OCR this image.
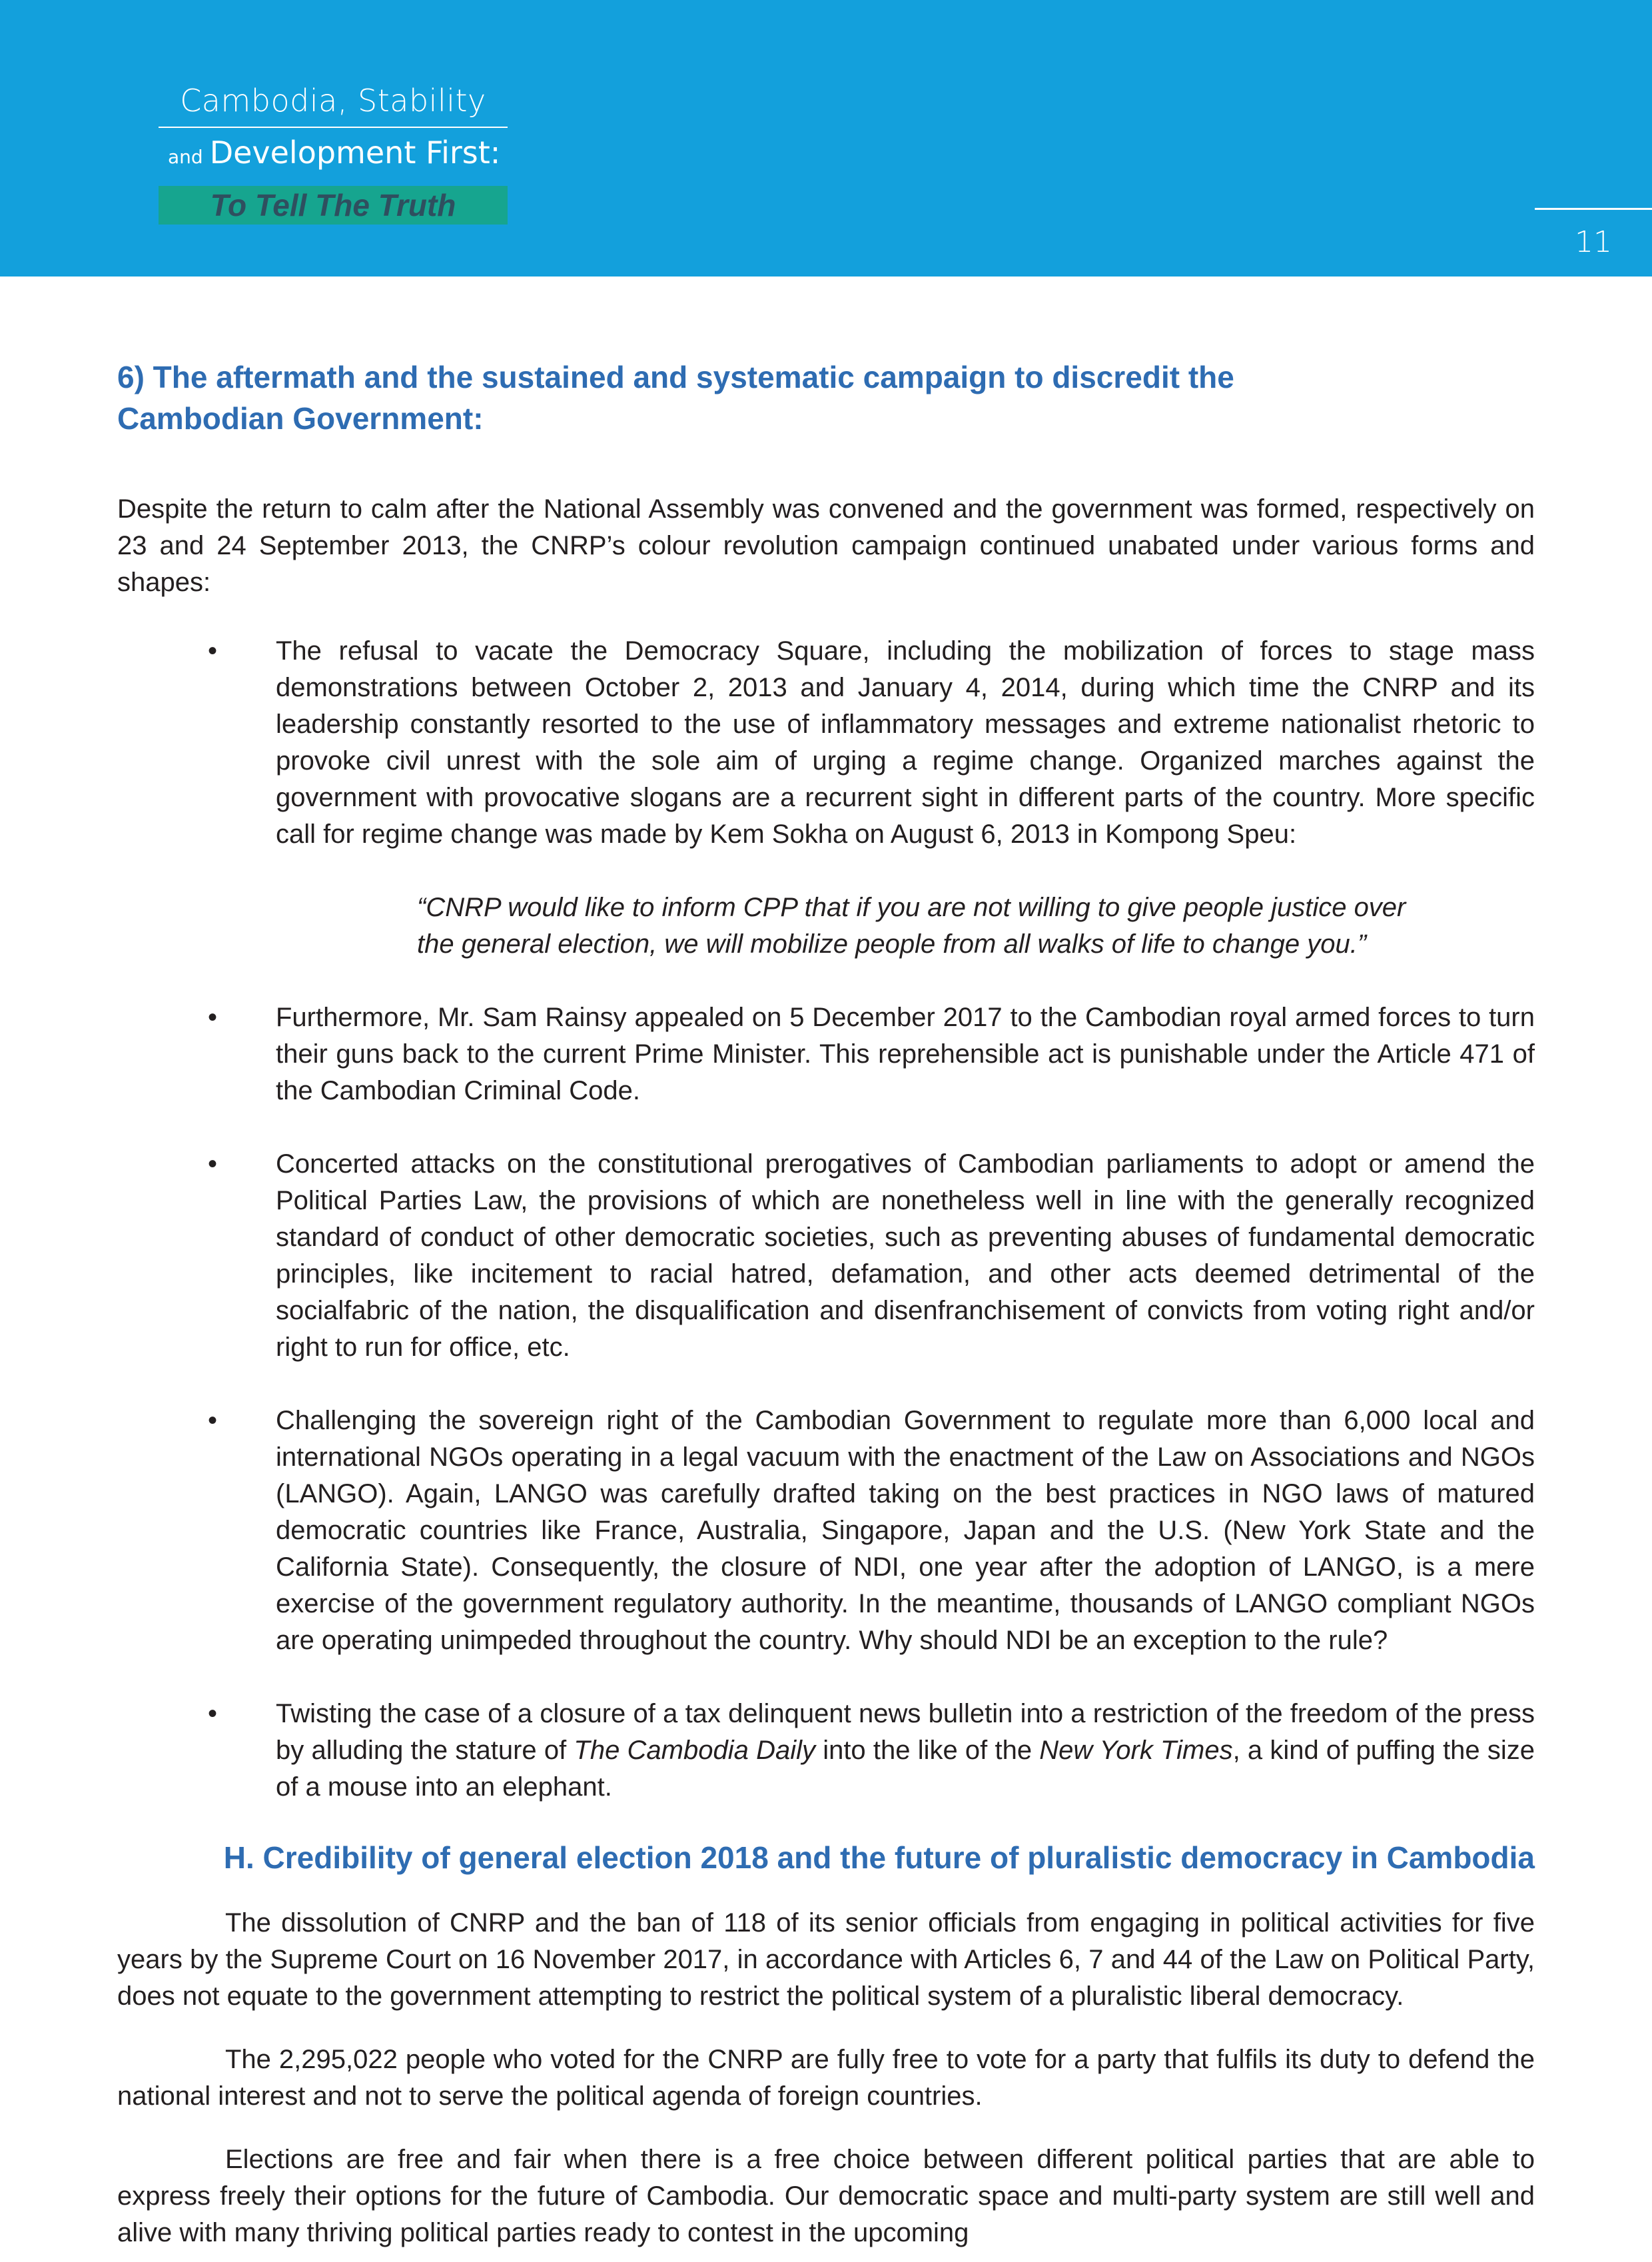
Cambodia, Stability
and Development First:
To Tell The Truth
11
6) The aftermath and the sustained and systematic campaign to discredit the Cambodian Government:

Despite the return to calm after the National Assembly was convened and the government was formed, respectively on 23 and 24 September 2013, the CNRP’s colour revolution campaign continued unabated under various forms and shapes:

• The refusal to vacate the Democracy Square, including the mobilization of forces to stage mass demonstrations between October 2, 2013 and January 4, 2014, during which time the CNRP and its leadership constantly resorted to the use of inflammatory messages and extreme nationalist rhetoric to provoke civil unrest with the sole aim of urging a regime change. Organized marches against the government with provocative slogans are a recurrent sight in different parts of the country. More specific call for regime change was made by Kem Sokha on August 6, 2013 in Kompong Speu:
“CNRP would like to inform CPP that if you are not willing to give people justice over the general election, we will mobilize people from all walks of life to change you.”
• Furthermore, Mr. Sam Rainsy appealed on 5 December 2017 to the Cambodian royal armed forces to turn their guns back to the current Prime Minister. This reprehensible act is punishable under the Article 471 of the Cambodian Criminal Code.
• Concerted attacks on the constitutional prerogatives of Cambodian parliaments to adopt or amend the Political Parties Law, the provisions of which are nonetheless well in line with the generally recognized standard of conduct of other democratic societies, such as preventing abuses of fundamental democratic principles, like incitement to racial hatred, defamation, and other acts deemed detrimental of the socialfabric of the nation, the disqualification and disenfranchisement of convicts from voting right and/or right to run for office, etc.
• Challenging the sovereign right of the Cambodian Government to regulate more than 6,000 local and international NGOs operating in a legal vacuum with the enactment of the Law on Associations and NGOs (LANGO). Again, LANGO was carefully drafted taking on the best practices in NGO laws of matured democratic countries like France, Australia, Singapore, Japan and the U.S. (New York State and the California State). Consequently, the closure of NDI, one year after the adoption of LANGO, is a mere exercise of the government regulatory authority. In the meantime, thousands of LANGO compliant NGOs are operating unimpeded throughout the country. Why should NDI be an exception to the rule?
• Twisting the case of a closure of a tax delinquent news bulletin into a restriction of the freedom of the press by alluding the stature of The Cambodia Daily into the like of the New York Times, a kind of puffing the size of a mouse into an elephant.
H. Credibility of general election 2018 and the future of pluralistic democracy in Cambodia

The dissolution of CNRP and the ban of 118 of its senior officials from engaging in political activities for five years by the Supreme Court on 16 November 2017, in accordance with Articles 6, 7 and 44 of the Law on Political Party, does not equate to the government attempting to restrict the political system of a pluralistic liberal democracy.

The 2,295,022 people who voted for the CNRP are fully free to vote for a party that fulfils its duty to defend the national interest and not to serve the political agenda of foreign countries.

Elections are free and fair when there is a free choice between different political parties that are able to express freely their options for the future of Cambodia. Our democratic space and multi-party system are still well and alive with many thriving political parties ready to contest in the upcoming
